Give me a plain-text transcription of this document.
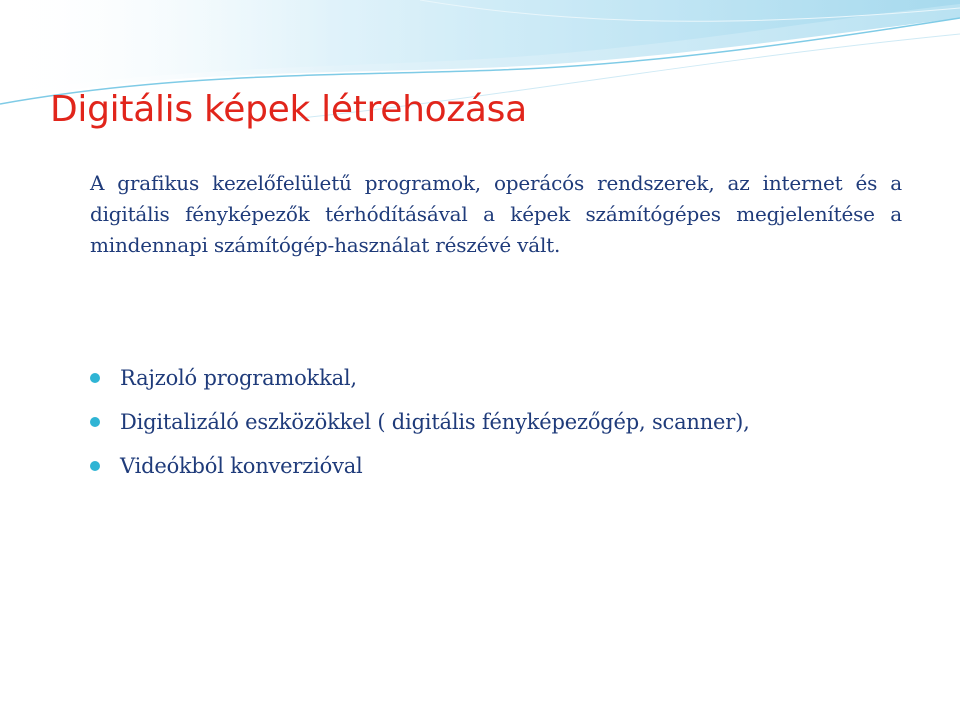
Digitális képek létrehozása

A grafikus kezelőfelületű programok, operácós rendszerek, az internet és a digitális fényképezők térhódításával a képek számítógépes megjelenítése a mindennapi számítógép-használat részévé vált.

Rajzoló programokkal,
Digitalizáló eszközökkel ( digitális fényképezőgép, scanner),
Videókból konverzióval
